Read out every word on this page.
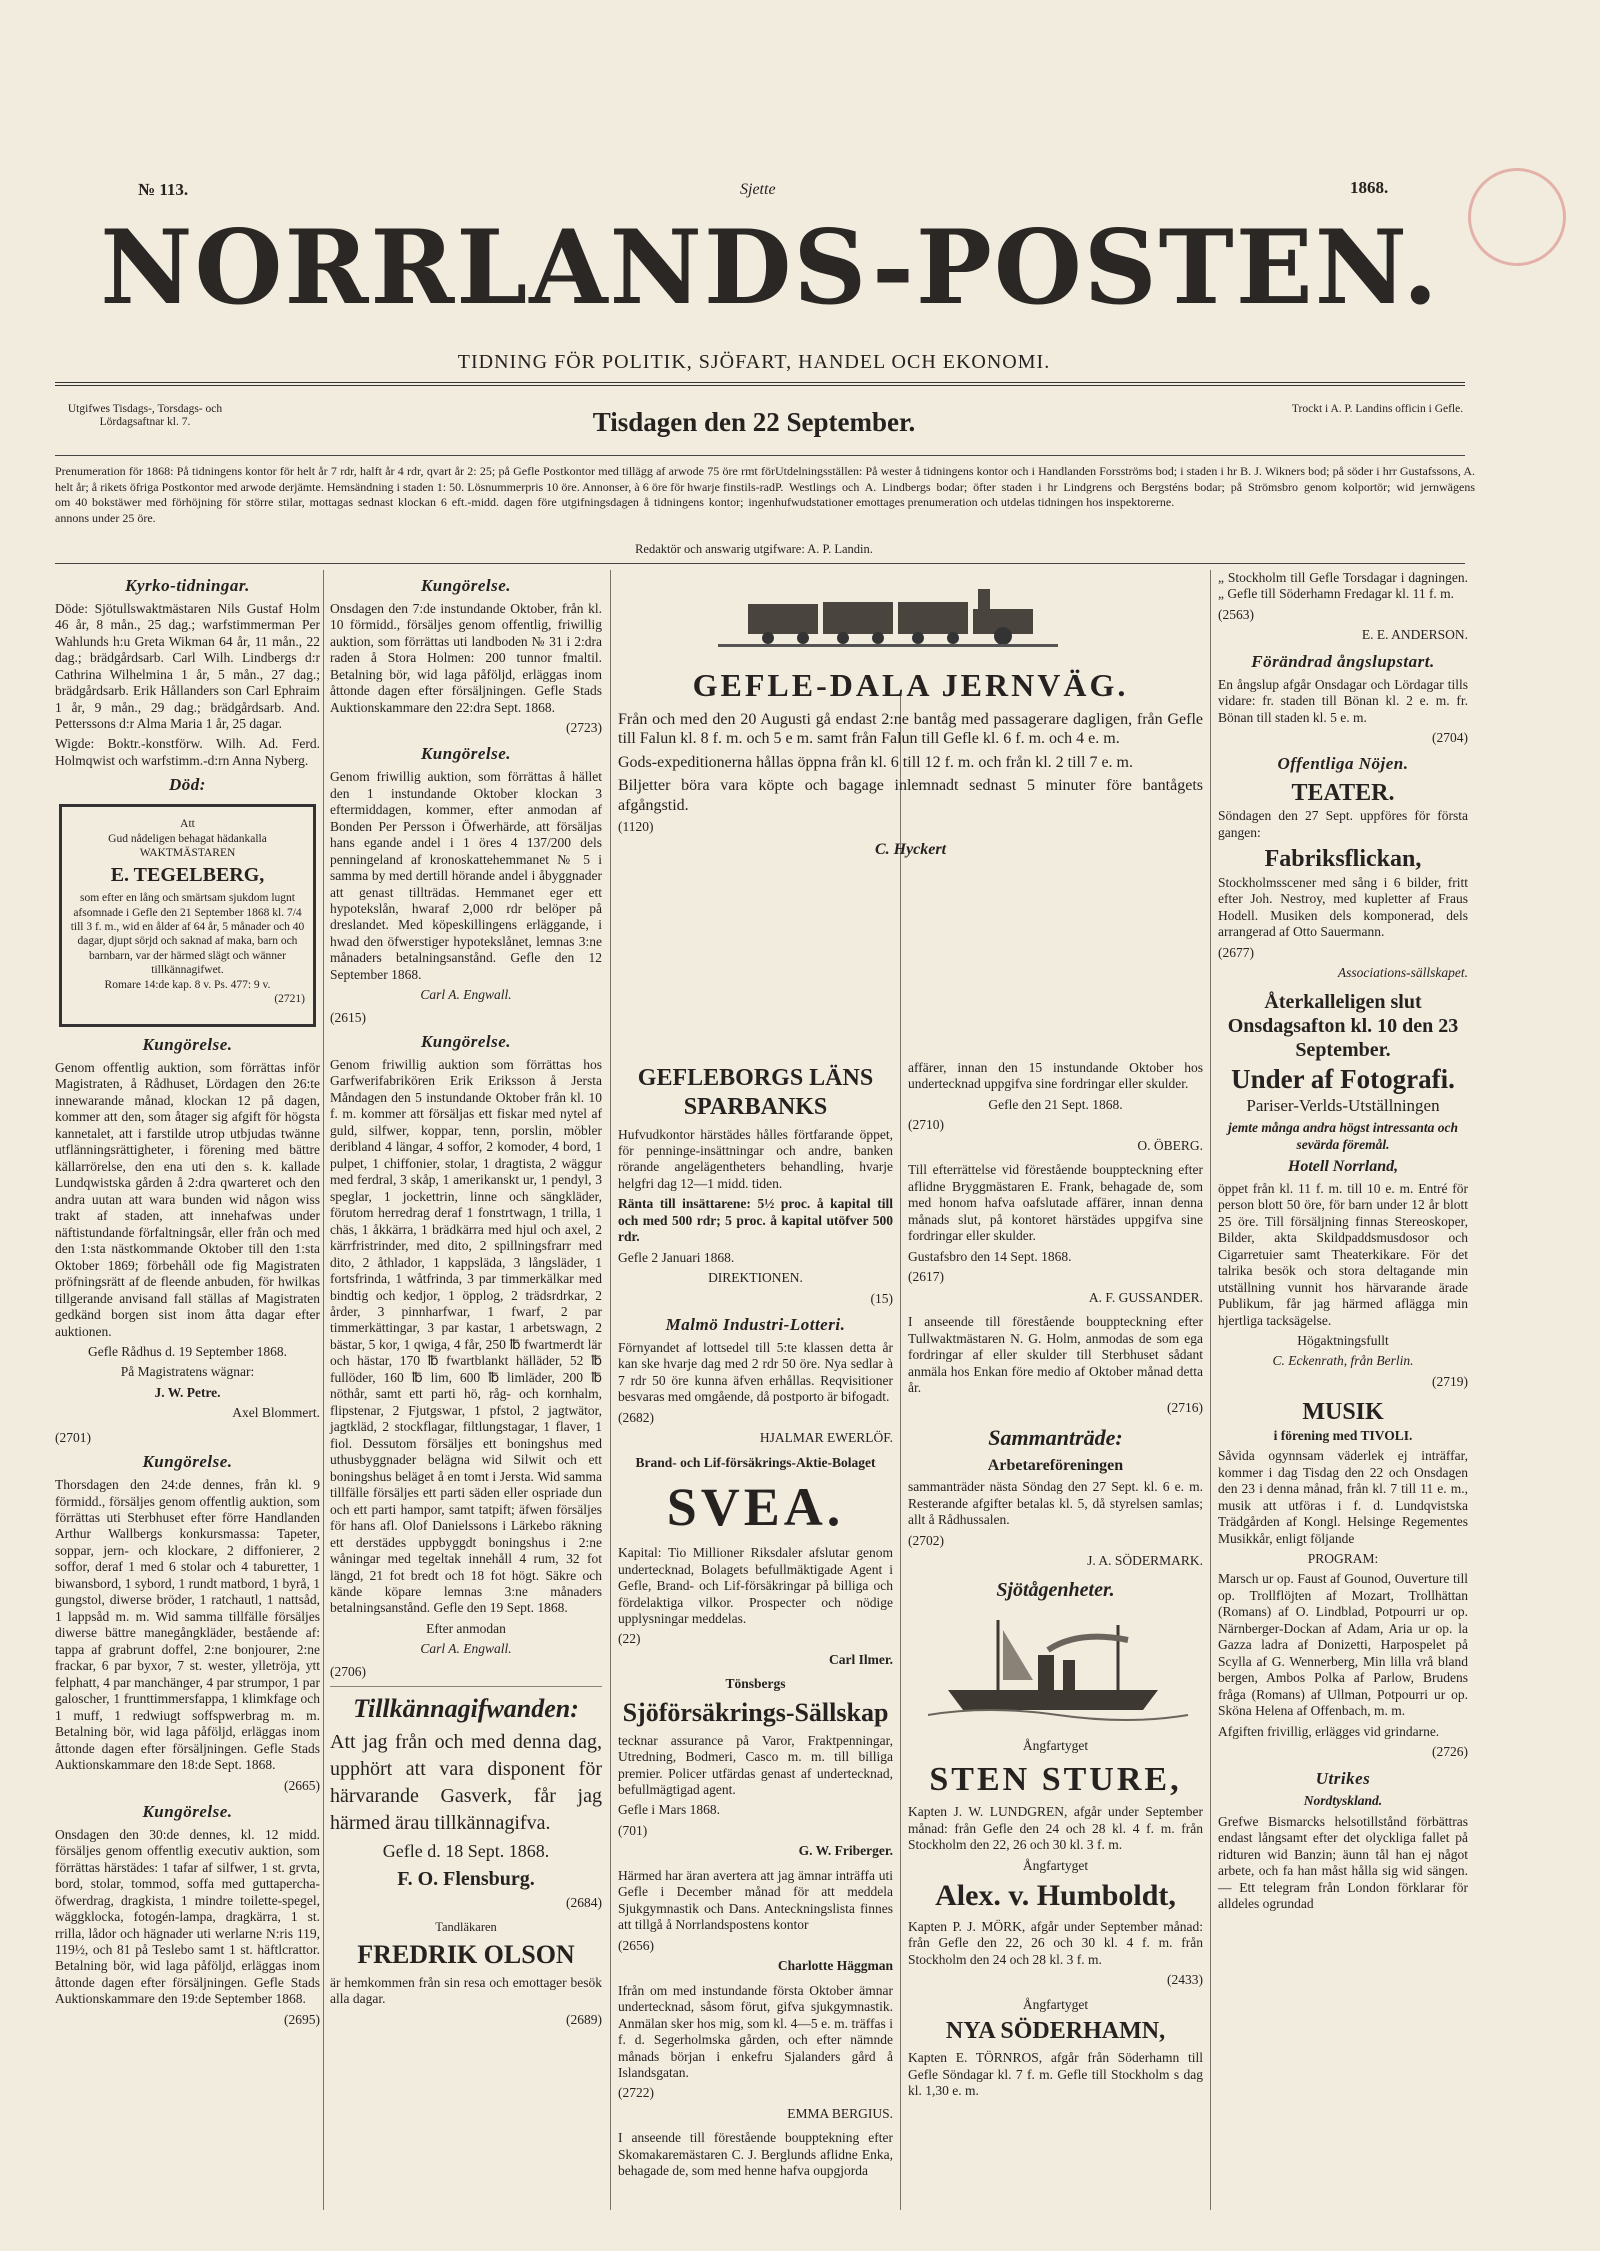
№ 113.	Sjette	1868.
NORRLANDS-POSTEN.
TIDNING FÖR POLITIK, SJÖFART, HANDEL OCH EKONOMI.
Utgifwes Tisdags-, Torsdags- och Lördagsaftnar kl. 7.	Tisdagen den 22 September.	Trockt i A. P. Landins officin i Gefle.
Prenumeration för 1868: På tidningens kontor för helt år 7 rdr, halft år 4 rdr, qvart år 2: 25; på Gefle Postkontor med tillägg af arwode 75 öre rmt för helt år; å rikets öfriga Postkontor med arwode derjämte. Hemsändning i staden 1: 50. Lösnummerpris 10 öre. Annonser, à 6 öre för hwarje finstils-rad om 40 bokstäwer med förhöjning för större stilar, mottagas sednast klockan 6 eft.-midd. dagen före utgifningsdagen å tidningens kontor; ingen annons under 25 öre.
Utdelningsställen: På wester å tidningens kontor och i Handlanden Forsströms bod; i staden i hr B. J. Wikners bod; på söder i hrr Gustafssons, A. P. Westlings och A. Lindbergs bodar; öfter staden i hr Lindgrens och Bergsténs bodar; på Strömsbro genom kolportör; wid jernwägens hufwudstationer emottages prenumeration och utdelas tidningen hos inspektorerne.
Redaktör och answarig utgifware: A. P. Landin.
Kyrko-tidningar.

Döde: Sjötullswaktmästaren Nils Gustaf Holm 46 år, 8 mån., 25 dag.; warfstimmerman Per Wahlunds h:u Greta Wikman 64 år, 11 mån., 22 dag.; brädgårdsarb. Carl Wilh. Lindbergs d:r Cathrina Wilhelmina 1 år, 5 mån., 27 dag.; brädgårdsarb. Erik Hållanders son Carl Ephraim 1 år, 9 mån., 29 dag.; brädgårdsarb. And. Petterssons d:r Alma Maria 1 år, 25 dagar.

Wigde: Boktr.-konstförw. Wilh. Ad. Ferd. Holmqwist och warfstimm.-d:rn Anna Nyberg.

Död:
Att
Gud nådeligen behagat hädankalla WAKTMÄSTAREN
E. TEGELBERG,
som efter en lång och smärtsam sjukdom lugnt afsomnade i Gefle den 21 September 1868 kl. 7/4 till 3 f. m., wid en ålder af 64 år, 5 månader och 40 dagar, djupt sörjd och saknad af maka, barn och barnbarn, var der härmed slägt och wänner tillkännagifwet.
Romare 14:de kap. 8 v. Ps. 477: 9 v.
(2721)
Kungörelse.

Genom offentlig auktion, som förrättas inför Magistraten, å Rådhuset, Lördagen den 26:te innewarande månad, klockan 12 på dagen, kommer att den, som åtager sig afgift för högsta kannetalet, att i farstilde utrop utbjudas twänne utflänningsrättigheter, i förening med bättre källarrörelse, den ena uti den s. k. kallade Lundqwistska gården å 2:dra qwarteret och den andra uutan att wara bunden wid någon wiss trakt af staden, att innehafwas under näftistundande förfaltningsår, eller från och med den 1:sta nästkommande Oktober till den 1:sta Oktober 1869; förbehåll ode fig Magistraten pröfningsrätt af de fleende anbuden, för hwilkas tillgerande anvisand fall ställas af Magistraten gedkänd borgen sist inom åtta dagar efter auktionen.

Gefle Rådhus d. 19 September 1868.

På Magistratens wägnar:

J. W. Petre.

Axel Blommert.

(2701)

Kungörelse.

Thorsdagen den 24:de dennes, från kl. 9 förmidd., försäljes genom offentlig auktion, som förrättas uti Sterbhuset efter förre Handlanden Arthur Wallbergs konkursmassa: Tapeter, soppar, jern- och klockare, 2 diffonierer, 2 soffor, deraf 1 med 6 stolar och 4 taburetter, 1 biwansbord, 1 sybord, 1 rundt matbord, 1 byrå, 1 gungstol, diwerse bröder, 1 ratchautl, 1 nattsåd, 1 lappsåd m. m. Wid samma tillfälle försäljes diwerse bättre manegångkläder, bestående af: tappa af grabrunt doffel, 2:ne bonjourer, 2:ne frackar, 6 par byxor, 7 st. wester, ylletröja, ytt felphatt, 4 par manchänger, 4 par strumpor, 1 par galoscher, 1 frunttimmersfappa, 1 klimkfage och 1 muff, 1 redwiugt soffspwerbrag m. m. Betalning bör, wid laga påföljd, erläggas inom åttonde dagen efter försäljningen. Gefle Stads Auktionskammare den 18:de Sept. 1868.

(2665)

Kungörelse.

Onsdagen den 30:de dennes, kl. 12 midd. försäljes genom offentlig executiv auktion, som förrättas härstädes: 1 tafar af silfwer, 1 st. grvta, bord, stolar, tommod, soffa med guttapercha-öfwerdrag, dragkista, 1 mindre toilette-spegel, wäggklocka, fotogén-lampa, dragkärra, 1 st. rrilla, lådor och hägnader uti werlarne N:ris 119, 119½, och 81 på Teslebo samt 1 st. häftlcrattor. Betalning bör, wid laga påföljd, erläggas inom åttonde dagen efter försäljningen. Gefle Stads Auktionskammare den 19:de September 1868.

(2695)

Kungörelse.

Onsdagen den 7:de instundande Oktober, från kl. 10 förmidd., försäljes genom offentlig, friwillig auktion, som förrättas uti landboden № 31 i 2:dra raden å Stora Holmen: 200 tunnor fmaltil. Betalning bör, wid laga påföljd, erläggas inom åttonde dagen efter försäljningen. Gefle Stads Auktionskammare den 22:dra Sept. 1868.

(2723)

Kungörelse.

Genom friwillig auktion, som förrättas å hället den 1 instundande Oktober klockan 3 eftermiddagen, kommer, efter anmodan af Bonden Per Persson i Öfwerhärde, att försäljas hans egande andel i 1 öres 4 137/200 dels penningeland af kronoskattehemmanet № 5 i samma by med dertill hörande andel i åbyggnader att genast tillträdas. Hemmanet eger ett hypotekslån, hwaraf 2,000 rdr belöper på dreslandet. Med köpeskillingens erläggande, i hwad den öfwerstiger hypotekslånet, lemnas 3:ne månaders betalningsanstånd. Gefle den 12 September 1868.

Carl A. Engwall.

(2615)

Kungörelse.

Genom friwillig auktion som förrättas hos Garfwerifabrikören Erik Eriksson å Jersta Måndagen den 5 instundande Oktober från kl. 10 f. m. kommer att försäljas ett fiskar med nytel af guld, silfwer, koppar, tenn, porslin, möbler deribland 4 längar, 4 soffor, 2 komoder, 4 bord, 1 pulpet, 1 chiffonier, stolar, 1 dragtista, 2 wäggur med ferdral, 3 skåp, 1 amerikanskt ur, 1 pendyl, 3 speglar, 1 jockettrin, linne och sängkläder, förutom herredrag deraf 1 fonstrtwagn, 1 trilla, 1 chäs, 1 åkkärra, 1 brädkärra med hjul och axel, 2 kärrfristrinder, med dito, 2 spillningsfrarr med dito, 2 åthlador, 1 kappsläda, 3 långsläder, 1 fortsfrinda, 1 wåtfrinda, 3 par timmerkälkar med bindtig och kedjor, 1 öpplog, 2 trädsrdrkar, 2 årder, 3 pinnharfwar, 1 fwarf, 2 par timmerkättingar, 3 par kastar, 1 arbetswagn, 2 bästar, 5 kor, 1 qwiga, 4 får, 250 ℔ fwartmerdt lär och hästar, 170 ℔ fwartblankt hälläder, 52 ℔ fullöder, 160 ℔ lim, 600 ℔ limläder, 200 ℔ nöthår, samt ett parti hö, råg- och kornhalm, flipstenar, 2 Fjutgswar, 1 pfstol, 2 jagtwätor, jagtkläd, 2 stockflagar, filtlungstagar, 1 flaver, 1 fiol. Dessutom försäljes ett boningshus med uthusbyggnader belägna wid Silwit och ett boningshus beläget å en tomt i Jersta. Wid samma tillfälle försäljes ett parti säden eller ospriade dun och ett parti hampor, samt tatpift; äfwen försäljes för hans afl. Olof Danielssons i Lärkebo räkning ett derstädes uppbyggdt boningshus i 2:ne wåningar med tegeltak innehåll 4 rum, 32 fot längd, 21 fot bredt och 18 fot högt. Säkre och kände köpare lemnas 3:ne månaders betalningsanstånd. Gefle den 19 Sept. 1868.

Efter anmodan

Carl A. Engwall.

(2706)

Tillkännagifwanden:

Att jag från och med denna dag, upphört att vara disponent för härvarande Gasverk, får jag härmed ärau tillkännagifva.

Gefle d. 18 Sept. 1868.

F. O. Flensburg.

(2684)

Tandläkaren

FREDRIK OLSON

är hemkommen från sin resa och emottager besök alla dagar.

(2689)

GEFLE-DALA JERNVÄG.

Från och med den 20 Augusti gå endast 2:ne bantåg med passagerare dagligen, från Gefle till Falun kl. 8 f. m. och 5 e m. samt från Falun till Gefle kl. 6 f. m. och 4 e. m.

Gods-expeditionerna hållas öppna från kl. 6 till 12 f. m. och från kl. 2 till 7 e. m.

Biljetter böra vara köpte och bagage inlemnadt sednast 5 minuter före bantågets afgångstid.

(1120)

C. Hyckert

GEFLEBORGS LÄNS SPARBANKS

Hufvudkontor härstädes hålles förtfarande öppet, för penninge-insättningar och andre, banken rörande angelägentheters behandling, hvarje helgfri dag 12—1 midd. tiden.

Ränta till insättarene: 5½ proc. å kapital till och med 500 rdr; 5 proc. å kapital utöfver 500 rdr.

Gefle 2 Januari 1868.

DIREKTIONEN.

(15)

Malmö Industri-Lotteri.

Förnyandet af lottsedel till 5:te klassen detta år kan ske hvarje dag med 2 rdr 50 öre. Nya sedlar à 7 rdr 50 öre kunna äfven erhållas. Reqvisitioner besvaras med omgående, då postporto är bifogadt.

(2682)

HJALMAR EWERLÖF.

Brand- och Lif-försäkrings-Aktie-Bolaget

SVEA.

Kapital: Tio Millioner Riksdaler afslutar genom undertecknad, Bolagets befullmäktigade Agent i Gefle, Brand- och Lif-försäkringar på billiga och fördelaktiga vilkor. Prospecter och nödige upplysningar meddelas.

(22)

Carl Ilmer.

Tönsbergs

Sjöförsäkrings-Sällskap

tecknar assurance på Varor, Fraktpenningar, Utredning, Bodmeri, Casco m. m. till billiga premier. Policer utfärdas genast af undertecknad, befullmägtigad agent.

Gefle i Mars 1868.

(701)

G. W. Friberger.

Härmed har äran avertera att jag ämnar inträffa uti Gefle i December månad för att meddela Sjukgymnastik och Dans. Anteckningslista finnes att tillgå å Norrlandspostens kontor

(2656)

Charlotte Häggman

Ifrån om med instundande första Oktober ämnar undertecknad, såsom förut, gifva sjukgymnastik. Anmälan sker hos mig, som kl. 4—5 e. m. träffas i f. d. Segerholmska gården, och efter nämnde månads början i enkefru Sjalanders gård å Islandsgatan.

(2722)

EMMA BERGIUS.

I anseende till förestående boupptekning efter Skomakaremästaren C. J. Berglunds aflidne Enka, behagade de, som med henne hafva oupgjorda

affärer, innan den 15 instundande Oktober hos undertecknad uppgifva sine fordringar eller skulder.

Gefle den 21 Sept. 1868.

(2710)

O. ÖBERG.

Till efterrättelse vid förestående bouppteckning efter aflidne Bryggmästaren E. Frank, behagade de, som med honom hafva oafslutade affärer, innan denna månads slut, på kontoret härstädes uppgifva sine fordringar eller skulder.

Gustafsbro den 14 Sept. 1868.

(2617)

A. F. GUSSANDER.

I anseende till förestående bouppteckning efter Tullwaktmästaren N. G. Holm, anmodas de som ega fordringar af eller skulder till Sterbhuset sådant anmäla hos Enkan före medio af Oktober månad detta år.

(2716)

Sammanträde:

Arbetareföreningen

sammanträder nästa Söndag den 27 Sept. kl. 6 e. m. Resterande afgifter betalas kl. 5, då styrelsen samlas; allt å Rådhussalen.

(2702)

J. A. SÖDERMARK.

Sjötågenheter.

Ångfartyget

STEN STURE,

Kapten J. W. LUNDGREN, afgår under September månad: från Gefle den 24 och 28 kl. 4 f. m. från Stockholm den 22, 26 och 30 kl. 3 f. m.

Ångfartyget

Alex. v. Humboldt,

Kapten P. J. MÖRK, afgår under September månad: från Gefle den 22, 26 och 30 kl. 4 f. m. från Stockholm den 24 och 28 kl. 3 f. m.

(2433)

Ångfartyget

NYA SÖDERHAMN,

Kapten E. TÖRNROS, afgår från Söderhamn till Gefle Söndagar kl. 7 f. m. Gefle till Stockholm s dag kl. 1,30 e. m.

„ Stockholm till Gefle Torsdagar i dagningen. „ Gefle till Söderhamn Fredagar kl. 11 f. m.

(2563)

E. E. ANDERSON.

Förändrad ångslupstart.

En ångslup afgår Onsdagar och Lördagar tills vidare: fr. staden till Bönan kl. 2 e. m. fr. Bönan till staden kl. 5 e. m.

(2704)

Offentliga Nöjen.
TEATER.

Söndagen den 27 Sept. uppföres för första gangen:

Fabriksflickan,

Stockholmsscener med sång i 6 bilder, fritt efter Joh. Nestroy, med kupletter af Fraus Hodell. Musiken dels komponerad, dels arrangerad af Otto Sauermann.

(2677)

Associations-sällskapet.

Återkalleligen slut Onsdagsafton kl. 10 den 23 September.
Under af Fotografi.

Pariser-Verlds-Utställningen

jemte många andra högst intressanta och sevärda föremål.

Hotell Norrland,

öppet från kl. 11 f. m. till 10 e. m. Entré för person blott 50 öre, för barn under 12 år blott 25 öre. Till försäljning finnas Stereoskoper, Bilder, akta Skildpaddsmusdosor och Cigarretuier samt Theaterkikare. För det talrika besök och stora deltagande min utställning vunnit hos härvarande ärade Publikum, får jag härmed aflägga min hjertliga tacksägelse.

Högaktningsfullt

C. Eckenrath, från Berlin.

(2719)

MUSIK

i förening med TIVOLI.

Såvida ogynnsam väderlek ej inträffar, kommer i dag Tisdag den 22 och Onsdagen den 23 i denna månad, från kl. 7 till 11 e. m., musik att utföras i f. d. Lundqvistska Trädgården af Kongl. Helsinge Regementes Musikkår, enligt följande

PROGRAM:

Marsch ur op. Faust af Gounod, Ouverture till op. Trollflöjten af Mozart, Trollhättan (Romans) af O. Lindblad, Potpourri ur op. Närnberger-Dockan af Adam, Aria ur op. la Gazza ladra af Donizetti, Harpospelet på Scylla af G. Wennerberg, Min lilla vrå bland bergen, Ambos Polka af Parlow, Brudens fråga (Romans) af Ullman, Potpourri ur op. Sköna Helena af Offenbach, m. m.

Afgiften frivillig, erlägges vid grindarne.

(2726)

Utrikes

Nordtyskland.

Grefwe Bismarcks helsotillstånd förbättras endast långsamt efter det olyckliga fallet på ridturen wid Banzin; äunn tål han ej något arbete, och fa han måst hålla sig wid sängen. — Ett telegram från London förklarar för alldeles ogrundad
